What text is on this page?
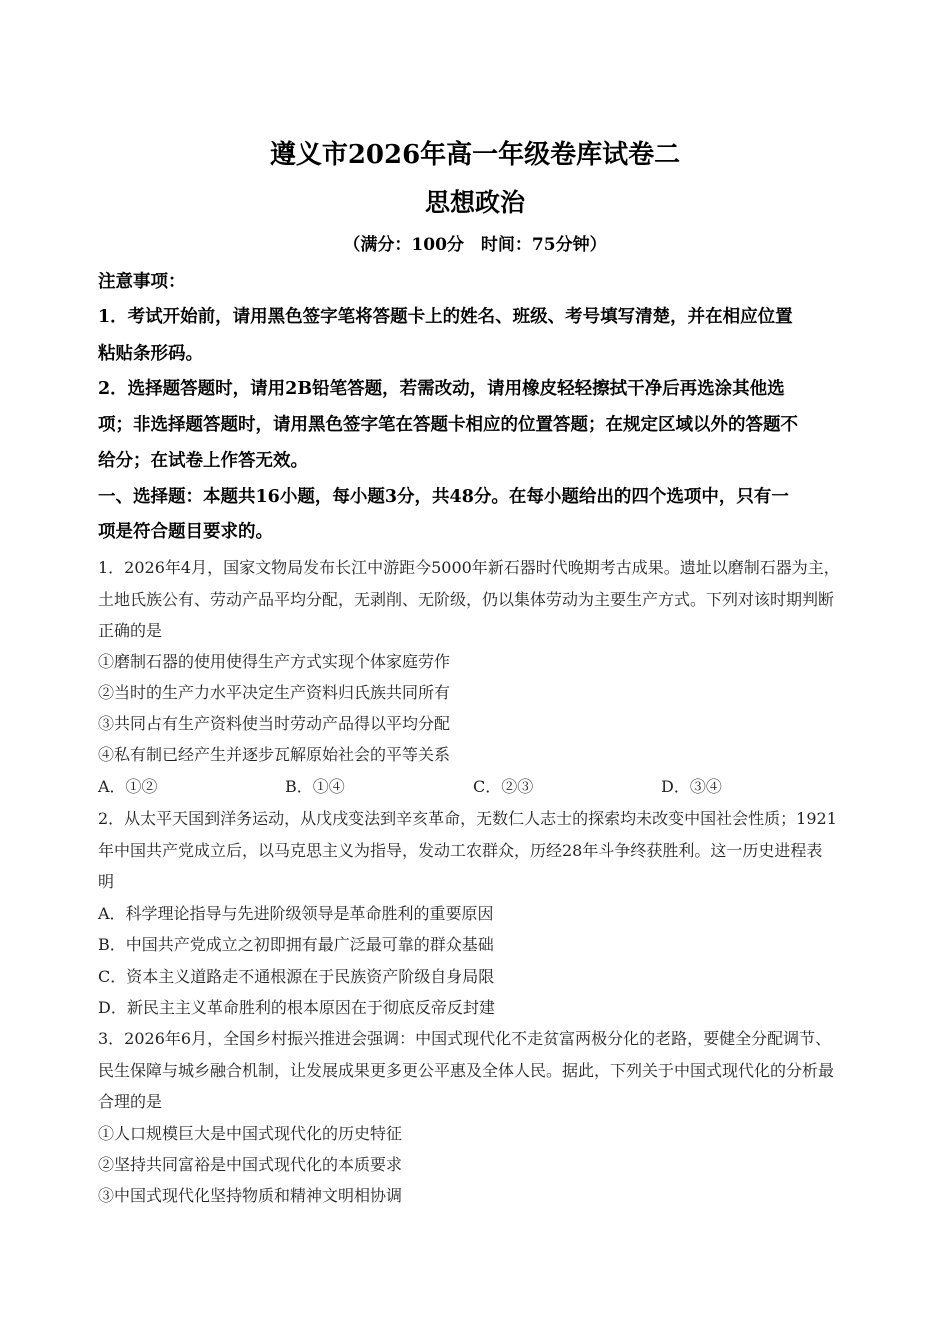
遵义市2026年高一年级卷库试卷二
思想政治
（满分：100分　时间：75分钟）
注意事项：
1．考试开始前，请用黑色签字笔将答题卡上的姓名、班级、考号填写清楚，并在相应位置
粘贴条形码。
2．选择题答题时，请用2B铅笔答题，若需改动，请用橡皮轻轻擦拭干净后再选涂其他选
项；非选择题答题时，请用黑色签字笔在答题卡相应的位置答题；在规定区域以外的答题不
给分；在试卷上作答无效。
一、选择题：本题共16小题，每小题3分，共48分。在每小题给出的四个选项中，只有一
项是符合题目要求的。
1．2026年4月，国家文物局发布长江中游距今5000年新石器时代晚期考古成果。遗址以磨制石器为主，
土地氏族公有、劳动产品平均分配，无剥削、无阶级，仍以集体劳动为主要生产方式。下列对该时期判断
正确的是
①磨制石器的使用使得生产方式实现个体家庭劳作
②当时的生产力水平决定生产资料归氏族共同所有
③共同占有生产资料使当时劳动产品得以平均分配
④私有制已经产生并逐步瓦解原始社会的平等关系
A．①②	B．①④	C．②③	D．③④
2．从太平天国到洋务运动，从戊戌变法到辛亥革命，无数仁人志士的探索均未改变中国社会性质；1921
年中国共产党成立后，以马克思主义为指导，发动工农群众，历经28年斗争终获胜利。这一历史进程表
明
A．科学理论指导与先进阶级领导是革命胜利的重要原因
B．中国共产党成立之初即拥有最广泛最可靠的群众基础
C．资本主义道路走不通根源在于民族资产阶级自身局限
D．新民主主义革命胜利的根本原因在于彻底反帝反封建
3．2026年6月，全国乡村振兴推进会强调：中国式现代化不走贫富两极分化的老路，要健全分配调节、
民生保障与城乡融合机制，让发展成果更多更公平惠及全体人民。据此，下列关于中国式现代化的分析最
合理的是
①人口规模巨大是中国式现代化的历史特征
②坚持共同富裕是中国式现代化的本质要求
③中国式现代化坚持物质和精神文明相协调
